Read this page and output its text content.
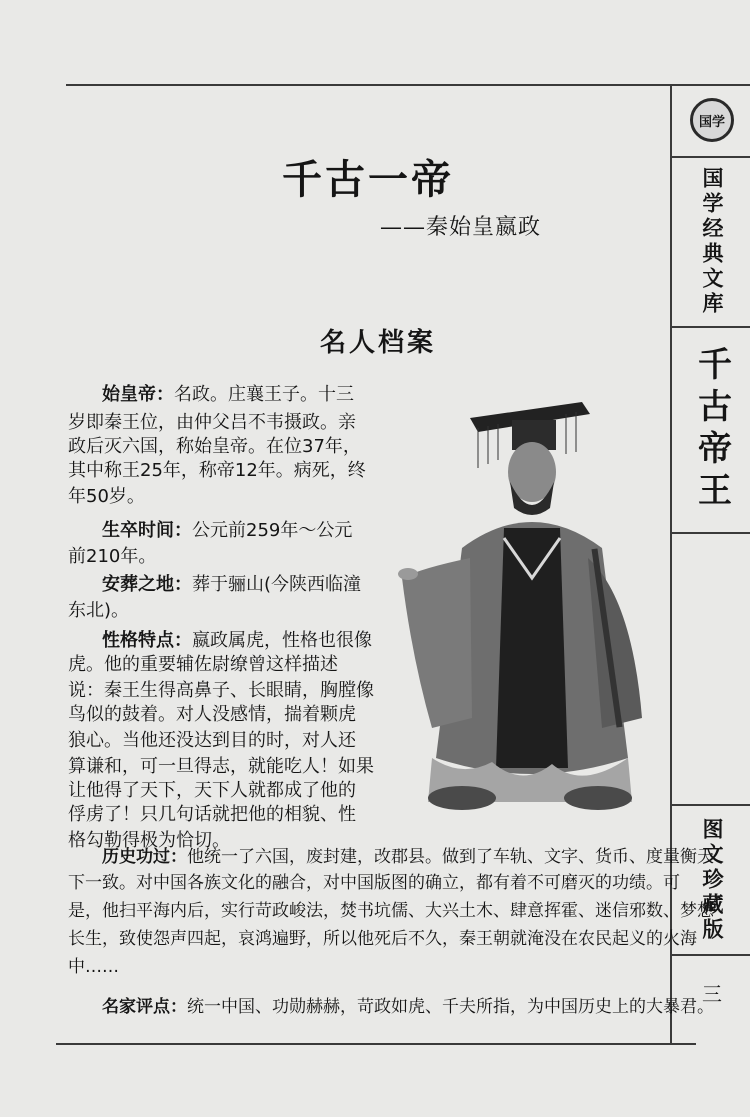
国学
国学经典文库
千古帝王
图文珍藏版
三
千古一帝
——秦始皇嬴政
名人档案
始皇帝：名政。庄襄王子。十三
岁即秦王位，由仲父吕不韦摄政。亲
政后灭六国，称始皇帝。在位37年，
其中称王25年，称帝12年。病死，终
年50岁。
生卒时间：公元前259年～公元
前210年。
安葬之地：葬于骊山(今陕西临潼
东北)。
性格特点：嬴政属虎，性格也很像
虎。他的重要辅佐尉缭曾这样描述
说：秦王生得高鼻子、长眼睛，胸膛像
鸟似的鼓着。对人没感情，揣着颗虎
狼心。当他还没达到目的时，对人还
算谦和，可一旦得志，就能吃人！如果
让他得了天下，天下人就都成了他的
俘虏了！只几句话就把他的相貌、性
格勾勒得极为恰切。
历史功过：他统一了六国，废封建，改郡县。做到了车轨、文字、货币、度量衡天
下一致。对中国各族文化的融合，对中国版图的确立，都有着不可磨灭的功绩。可
是，他扫平海内后，实行苛政峻法，焚书坑儒、大兴土木、肆意挥霍、迷信邪数、梦想
长生，致使怨声四起，哀鸿遍野，所以他死后不久，秦王朝就淹没在农民起义的火海
中……
名家评点：统一中国、功勋赫赫，苛政如虎、千夫所指，为中国历史上的大暴君。
